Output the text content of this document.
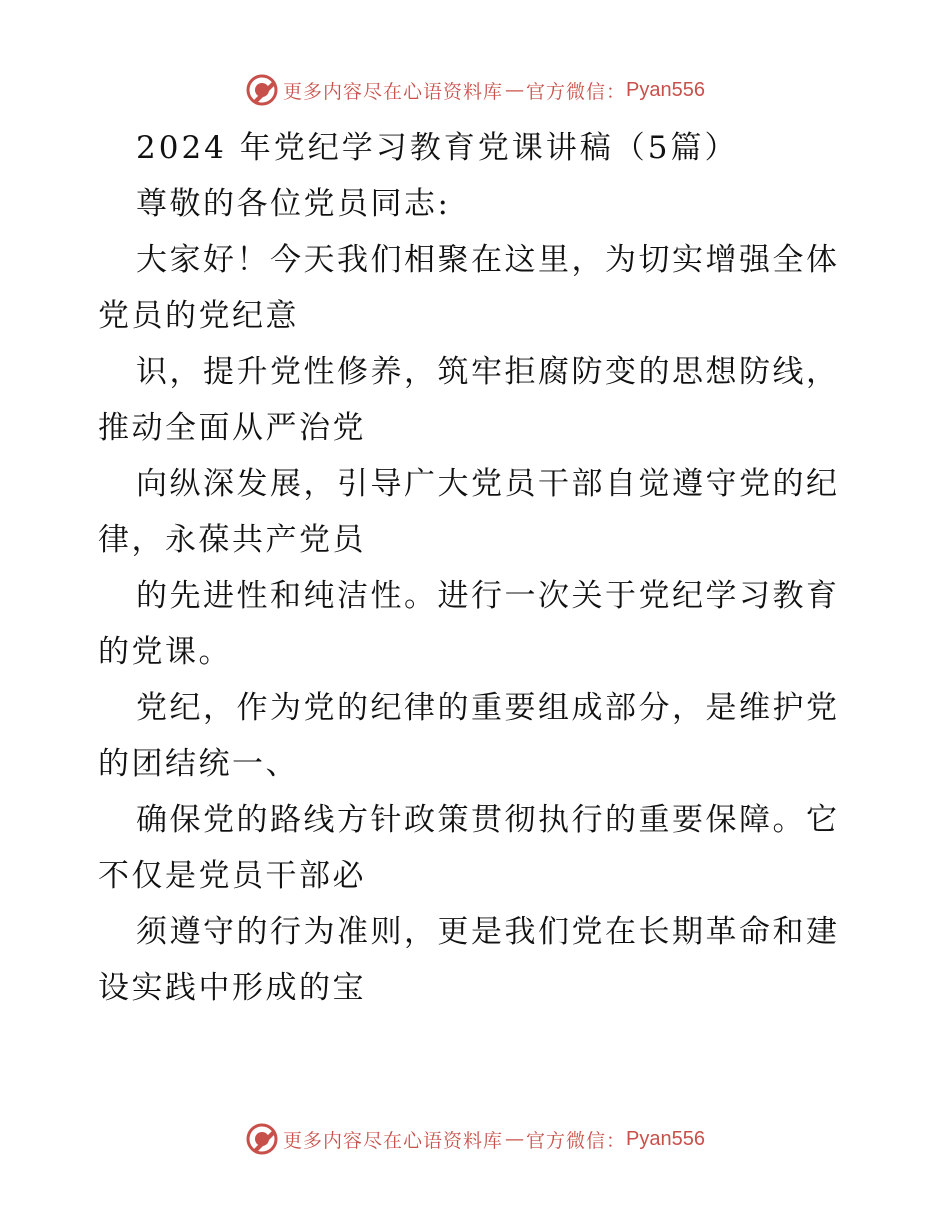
更多内容尽在心语资料库 — 官方微信： Pyan556
2024 年党纪学习教育党课讲稿（5篇）
尊敬的各位党员同志:
大家好！今天我们相聚在这里，为切实增强全体
党员的党纪意
识，提升党性修养，筑牢拒腐防变的思想防线，
推动全面从严治党
向纵深发展，引导广大党员干部自觉遵守党的纪
律，永葆共产党员
的先进性和纯洁性。进行一次关于党纪学习教育
的党课。
党纪，作为党的纪律的重要组成部分，是维护党
的团结统一、
确保党的路线方针政策贯彻执行的重要保障。它
不仅是党员干部必
须遵守的行为准则，更是我们党在长期革命和建
设实践中形成的宝
更多内容尽在心语资料库 — 官方微信： Pyan556
